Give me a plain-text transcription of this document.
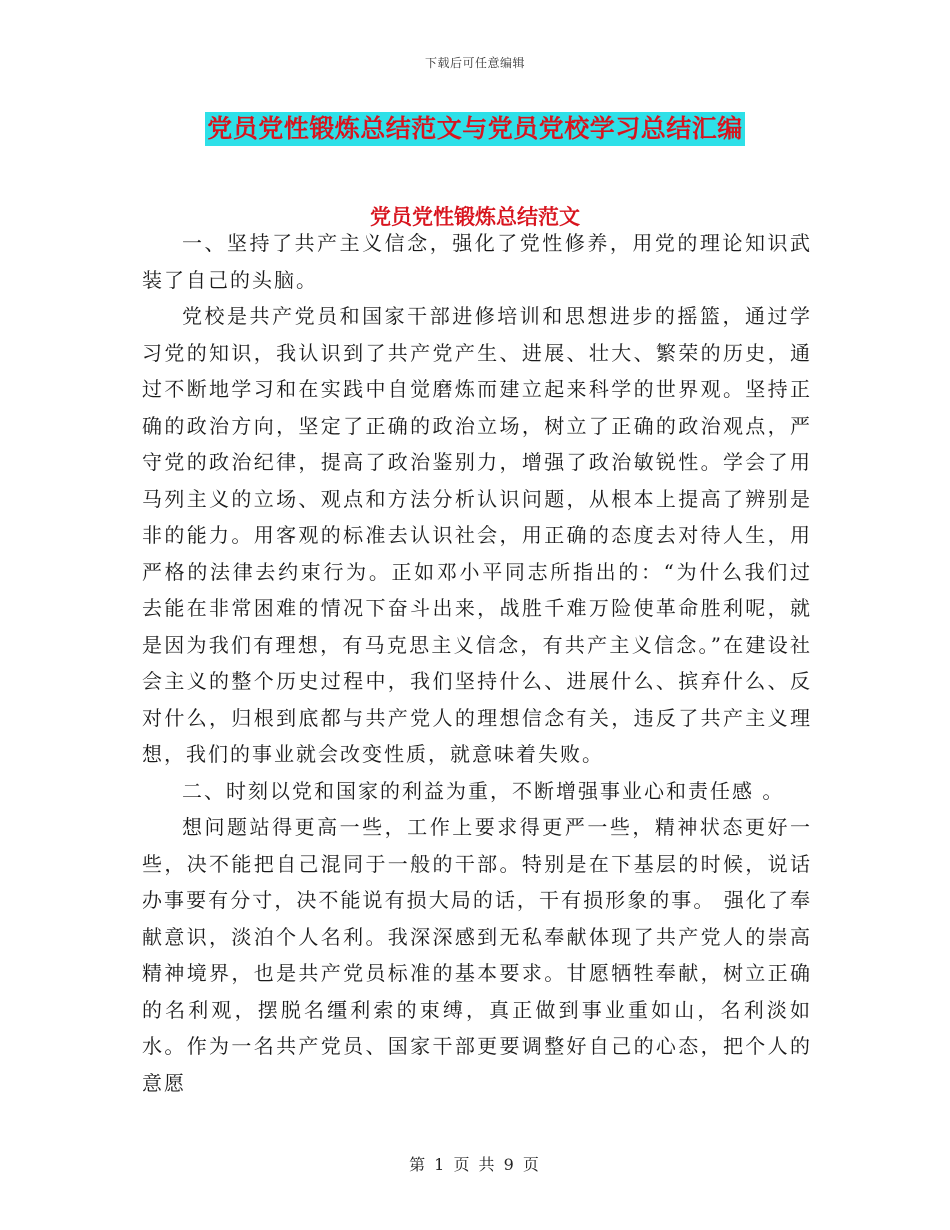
下载后可任意编辑
党员党性锻炼总结范文与党员党校学习总结汇编
党员党性锻炼总结范文

一、坚持了共产主义信念，强化了党性修养，用党的理论知识武装了自己的头脑。

党校是共产党员和国家干部进修培训和思想进步的摇篮，通过学习党的知识，我认识到了共产党产生、进展、壮大、繁荣的历史，通过不断地学习和在实践中自觉磨炼而建立起来科学的世界观。坚持正确的政治方向，坚定了正确的政治立场，树立了正确的政治观点，严守党的政治纪律，提高了政治鉴别力，增强了政治敏锐性。学会了用马列主义的立场、观点和方法分析认识问题，从根本上提高了辨别是非的能力。用客观的标准去认识社会，用正确的态度去对待人生，用严格的法律去约束行为。正如邓小平同志所指出的：“为什么我们过去能在非常困难的情况下奋斗出来，战胜千难万险使革命胜利呢，就是因为我们有理想，有马克思主义信念，有共产主义信念。”在建设社会主义的整个历史过程中，我们坚持什么、进展什么、摈弃什么、反对什么，归根到底都与共产党人的理想信念有关，违反了共产主义理想，我们的事业就会改变性质，就意味着失败。

二、时刻以党和国家的利益为重，不断增强事业心和责任感 。

想问题站得更高一些，工作上要求得更严一些，精神状态更好一些，决不能把自己混同于一般的干部。特别是在下基层的时候，说话办事要有分寸，决不能说有损大局的话，干有损形象的事。 强化了奉献意识，淡泊个人名利。我深深感到无私奉献体现了共产党人的崇高精神境界，也是共产党员标准的基本要求。甘愿牺牲奉献，树立正确的名利观，摆脱名缰利索的束缚，真正做到事业重如山，名利淡如水。作为一名共产党员、国家干部更要调整好自己的心态，把个人的意愿

第 1 页 共 9 页
